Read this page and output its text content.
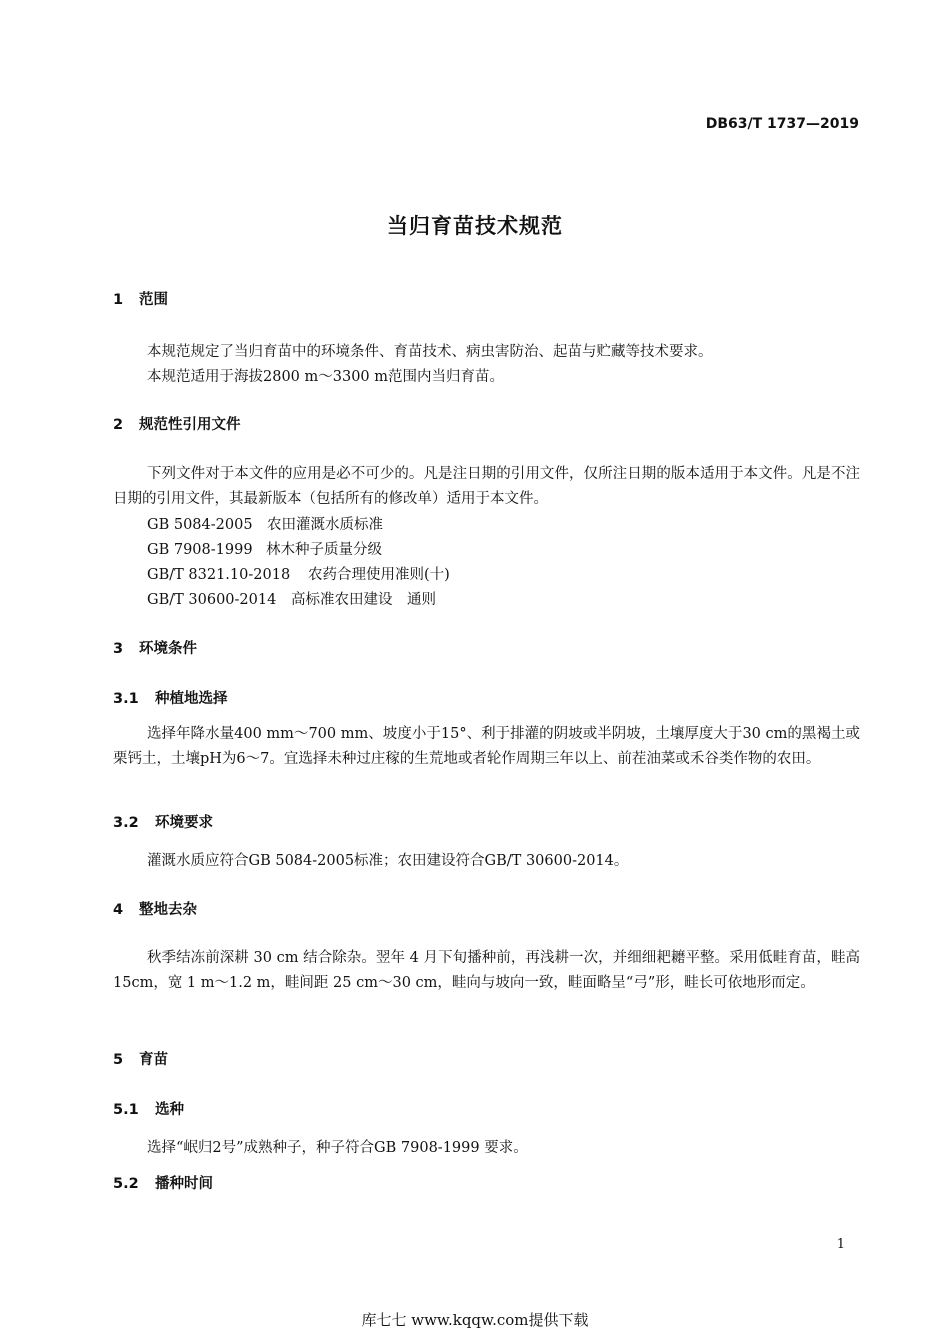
DB63/T 1737—2019
当归育苗技术规范
1 范围
本规范规定了当归育苗中的环境条件、育苗技术、病虫害防治、起苗与贮藏等技术要求。
本规范适用于海拔2800 m～3300 m范围内当归育苗。
2 规范性引用文件
下列文件对于本文件的应用是必不可少的。凡是注日期的引用文件，仅所注日期的版本适用于本文件。凡是不注日期的引用文件，其最新版本（包括所有的修改单）适用于本文件。
GB 5084-2005 农田灌溉水质标准
GB 7908-1999 林木种子质量分级
GB/T 8321.10-2018 农药合理使用准则(十)
GB/T 30600-2014 高标准农田建设　通则
3 环境条件
3.1 种植地选择
选择年降水量400 mm～700 mm、坡度小于15°、利于排灌的阴坡或半阴坡，土壤厚度大于30 cm的黑褐土或栗钙土，土壤pH为6～7。宜选择未种过庄稼的生荒地或者轮作周期三年以上、前茬油菜或禾谷类作物的农田。
3.2 环境要求
灌溉水质应符合GB 5084-2005标准；农田建设符合GB/T 30600-2014。
4 整地去杂
秋季结冻前深耕 30 cm 结合除杂。翌年 4 月下旬播种前，再浅耕一次，并细细耙耱平整。采用低畦育苗，畦高 15cm，宽 1 m～1.2 m，畦间距 25 cm～30 cm，畦向与坡向一致，畦面略呈“弓”形，畦长可依地形而定。
5 育苗
5.1 选种
选择“岷归2号”成熟种子，种子符合GB 7908-1999 要求。
5.2 播种时间
1
库七七 www.kqqw.com提供下载
